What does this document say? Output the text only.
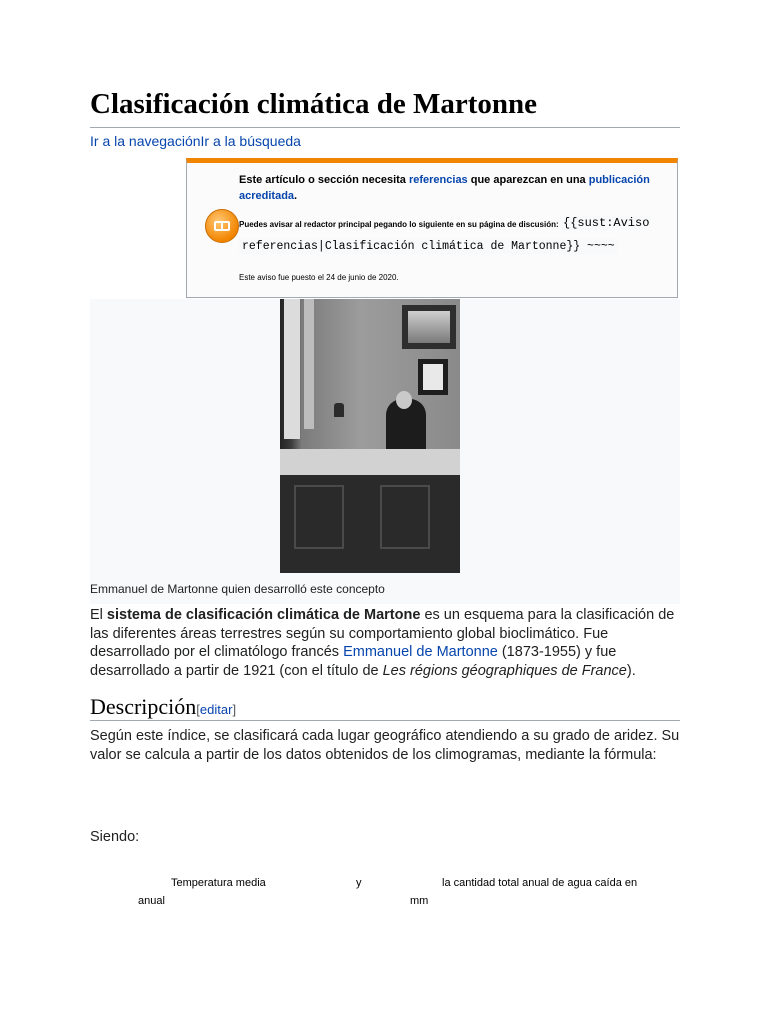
Clasificación climática de Martonne
Ir a la navegaciónIr a la búsqueda
Este artículo o sección necesita referencias que aparezcan en una publicación acreditada.
Puedes avisar al redactor principal pegando lo siguiente en su página de discusión: {{sust:Aviso
referencias|Clasificación climática de Martonne}} ~~~~
Este aviso fue puesto el 24 de junio de 2020.
Emmanuel de Martonne quien desarrolló este concepto

El sistema de clasificación climática de Martone es un esquema para la clasificación de las diferentes áreas terrestres según su comportamiento global bioclimático. Fue desarrollado por el climatólogo francés Emmanuel de Martonne (1873-1955) y fue desarrollado a partir de 1921 (con el título de Les régions géographiques de France).

Descripción[editar]

Según este índice, se clasificará cada lugar geográfico atendiendo a su grado de aridez. Su valor se calcula a partir de los datos obtenidos de los climogramas, mediante la fórmula:

Siendo:

Temperatura media	y	la cantidad total anual de agua caída en
anual	mm
